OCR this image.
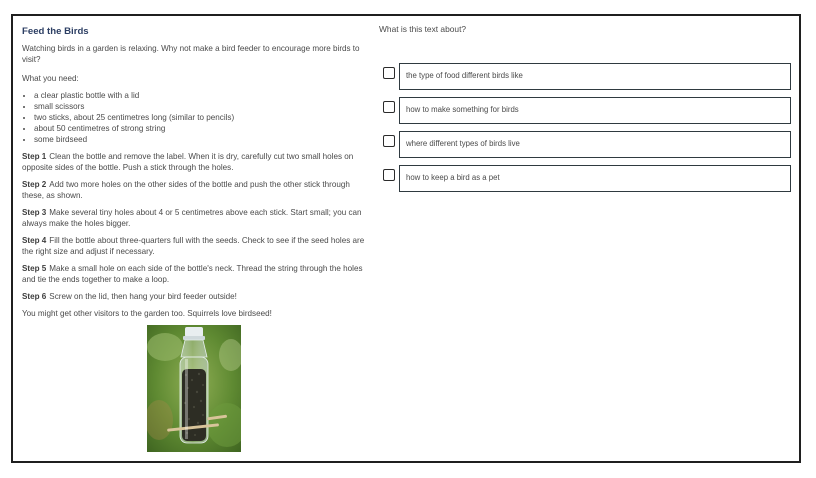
Feed the Birds
Watching birds in a garden is relaxing. Why not make a bird feeder to encourage more birds to visit?
What you need:
• a clear plastic bottle with a lid
• small scissors
• two sticks, about 25 centimetres long (similar to pencils)
• about 50 centimetres of strong string
• some birdseed
Step 1 Clean the bottle and remove the label. When it is dry, carefully cut two small holes on opposite sides of the bottle. Push a stick through the holes.
Step 2 Add two more holes on the other sides of the bottle and push the other stick through these, as shown.
Step 3 Make several tiny holes about 4 or 5 centimetres above each stick. Start small; you can always make the holes bigger.
Step 4 Fill the bottle about three-quarters full with the seeds. Check to see if the seed holes are the right size and adjust if necessary.
Step 5 Make a small hole on each side of the bottle's neck. Thread the string through the holes and tie the ends together to make a loop.
Step 6 Screw on the lid, then hang your bird feeder outside!
You might get other visitors to the garden too. Squirrels love birdseed!
What is this text about?
the type of food different birds like
how to make something for birds
where different types of birds live
how to keep a bird as a pet
